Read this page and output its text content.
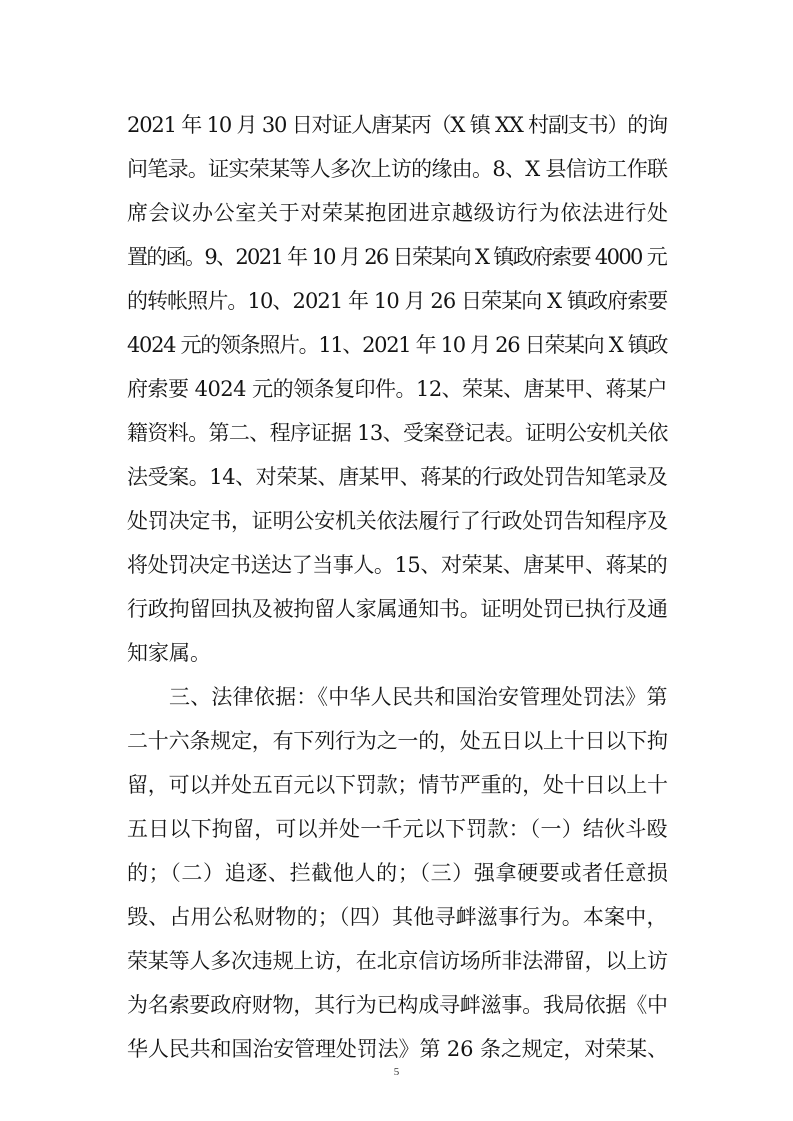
2021 年 10 月 30 日对证人唐某丙（X 镇 XX 村副支书）的询
问笔录。证实荣某等人多次上访的缘由。8、X 县信访工作联
席会议办公室关于对荣某抱团进京越级访行为依法进行处
置的函。9、2021 年 10 月 26 日荣某向 X 镇政府索要 4000 元
的转帐照片。10、2021 年 10 月 26 日荣某向 X 镇政府索要
4024 元的领条照片。11、2021 年 10 月 26 日荣某向 X 镇政
府索要 4024 元的领条复印件。12、荣某、唐某甲、蒋某户
籍资料。第二、程序证据 13、受案登记表。证明公安机关依
法受案。14、对荣某、唐某甲、蒋某的行政处罚告知笔录及
处罚决定书，证明公安机关依法履行了行政处罚告知程序及
将处罚决定书送达了当事人。15、对荣某、唐某甲、蒋某的
行政拘留回执及被拘留人家属通知书。证明处罚已执行及通
知家属。
三、法律依据：《中华人民共和国治安管理处罚法》第
二十六条规定，有下列行为之一的，处五日以上十日以下拘
留，可以并处五百元以下罚款；情节严重的，处十日以上十
五日以下拘留，可以并处一千元以下罚款：（一）结伙斗殴
的；（二）追逐、拦截他人的；（三）强拿硬要或者任意损
毁、占用公私财物的；（四）其他寻衅滋事行为。本案中，
荣某等人多次违规上访，在北京信访场所非法滞留，以上访
为名索要政府财物，其行为已构成寻衅滋事。我局依据《中
华人民共和国治安管理处罚法》第 26 条之规定，对荣某、
5
